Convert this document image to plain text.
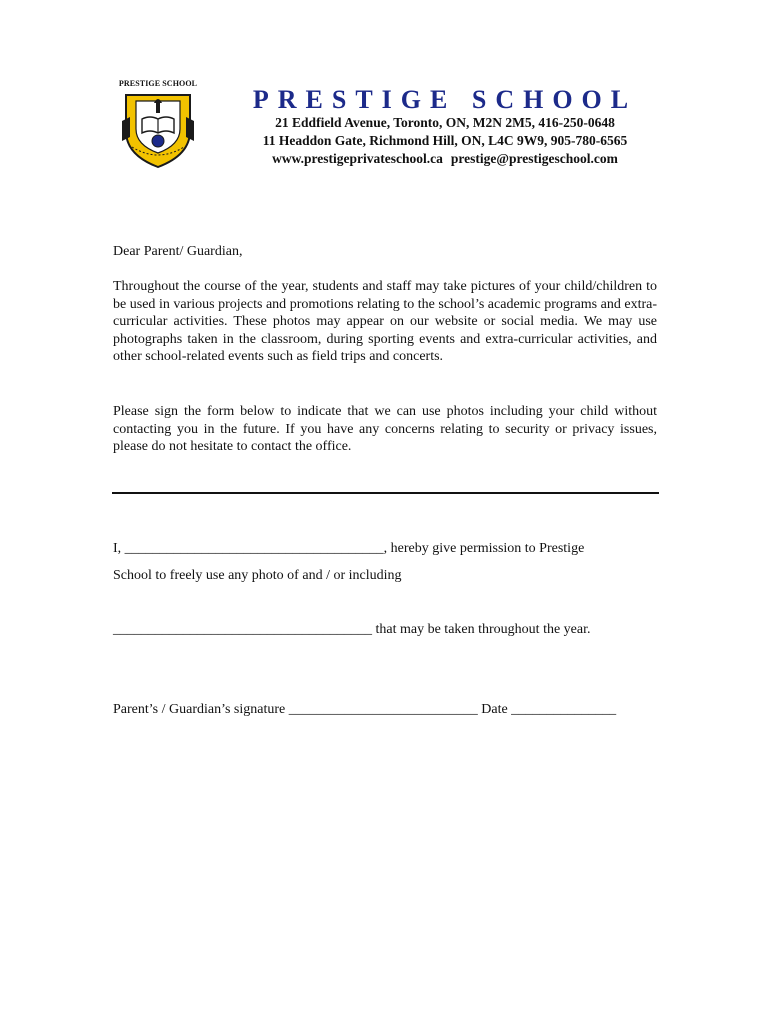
PRESTIGE SCHOOL
PRESTIGE SCHOOL
21 Eddfield Avenue, Toronto, ON, M2N 2M5, 416-250-0648
11 Headdon Gate, Richmond Hill, ON, L4C 9W9, 905-780-6565
www.prestigeprivateschool.ca prestige@prestigeschool.com
Dear Parent/ Guardian,
Throughout the course of the year, students and staff may take pictures of your child/children to be used in various projects and promotions relating to the school’s academic programs and extra-curricular activities. These photos may appear on our website or social media. We may use photographs taken in the classroom, during sporting events and extra-curricular activities, and other school-related events such as field trips and concerts.
Please sign the form below to indicate that we can use photos including your child without contacting you in the future. If you have any concerns relating to security or privacy issues, please do not hesitate to contact the office.
I, _____________________________________, hereby give permission to Prestige
School to freely use any photo of and / or including
_____________________________________ that may be taken throughout the year.
Parent’s / Guardian’s signature ___________________________ Date _______________
